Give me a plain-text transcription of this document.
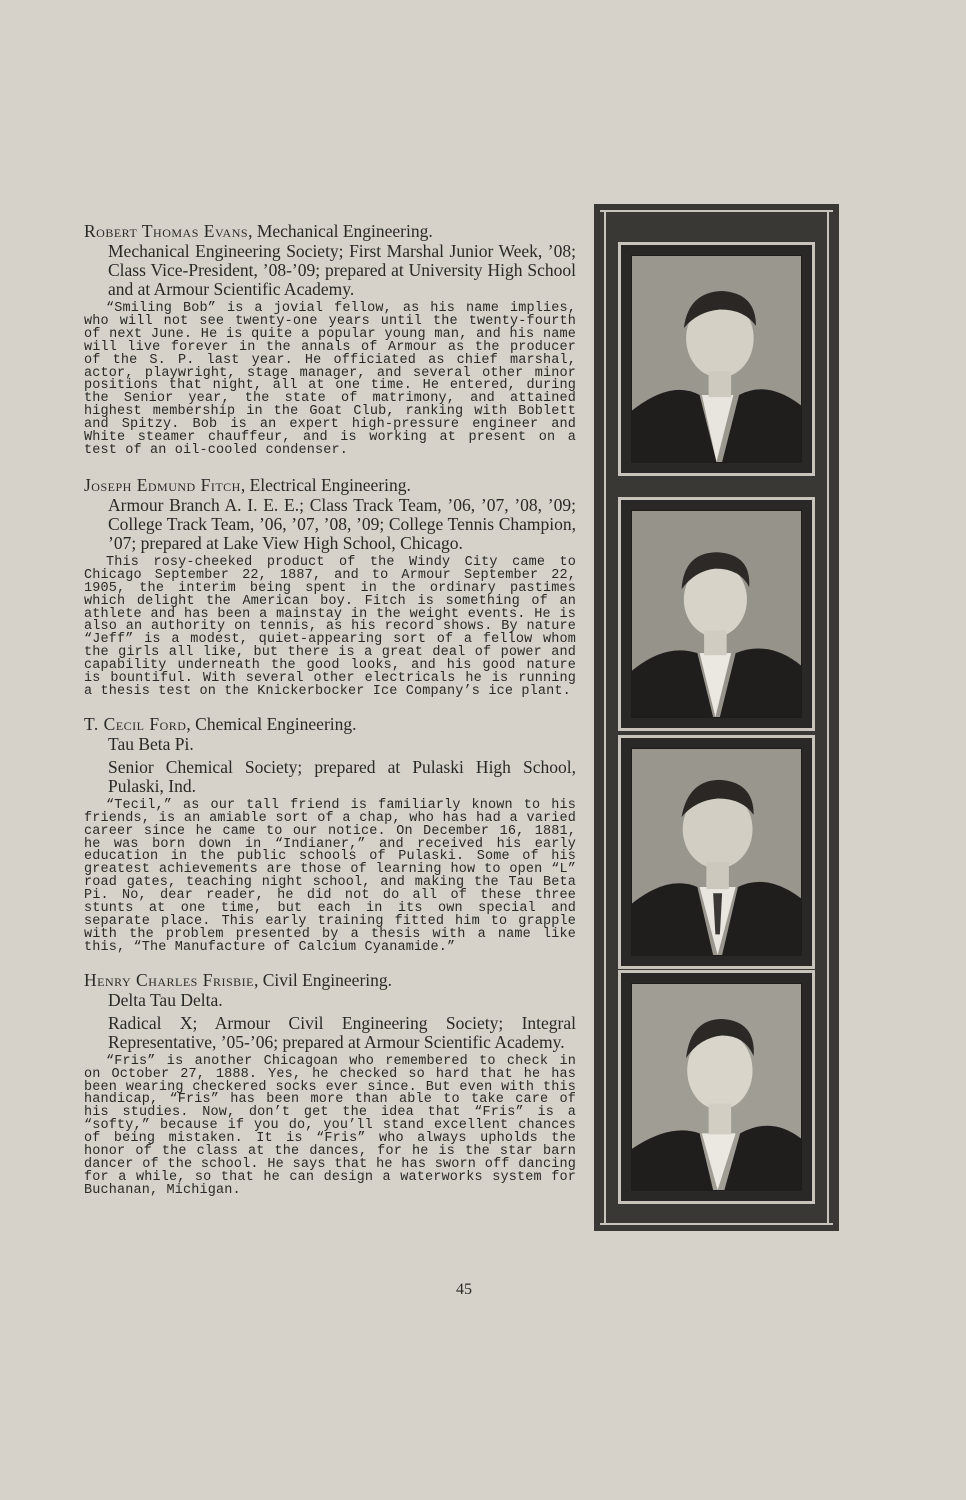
Robert Thomas Evans, Mechanical Engineering.

Mechanical Engineering Society; First Marshal Junior Week, ’08; Class Vice-President, ’08-’09; prepared at University High School and at Armour Scientific Academy.

“Smiling Bob” is a jovial fellow, as his name implies, who will not see twenty-one years until the twenty-fourth of next June. He is quite a popular young man, and his name will live forever in the annals of Armour as the producer of the S. P. last year. He officiated as chief marshal, actor, playwright, stage manager, and several other minor positions that night, all at one time. He entered, during the Senior year, the state of matrimony, and attained highest membership in the Goat Club, ranking with Boblett and Spitzy. Bob is an expert high-pressure engineer and White steamer chauffeur, and is working at present on a test of an oil-cooled condenser.

Joseph Edmund Fitch, Electrical Engineering.

Armour Branch A. I. E. E.; Class Track Team, ’06, ’07, ’08, ’09; College Track Team, ’06, ’07, ’08, ’09; College Tennis Champion, ’07; prepared at Lake View High School, Chicago.

This rosy-cheeked product of the Windy City came to Chicago September 22, 1887, and to Armour September 22, 1905, the interim being spent in the ordinary pastimes which delight the American boy. Fitch is something of an athlete and has been a mainstay in the weight events. He is also an authority on tennis, as his record shows. By nature “Jeff” is a modest, quiet-appearing sort of a fellow whom the girls all like, but there is a great deal of power and capability underneath the good looks, and his good nature is bountiful. With several other electricals he is running a thesis test on the Knickerbocker Ice Company’s ice plant.

T. Cecil Ford, Chemical Engineering.

Tau Beta Pi.

Senior Chemical Society; prepared at Pulaski High School, Pulaski, Ind.

“Tecil,” as our tall friend is familiarly known to his friends, is an amiable sort of a chap, who has had a varied career since he came to our notice. On December 16, 1881, he was born down in “Indianer,” and received his early education in the public schools of Pulaski. Some of his greatest achievements are those of learning how to open “L” road gates, teaching night school, and making the Tau Beta Pi. No, dear reader, he did not do all of these three stunts at one time, but each in its own special and separate place. This early training fitted him to grapple with the problem presented by a thesis with a name like this, “The Manufacture of Calcium Cyanamide.”

Henry Charles Frisbie, Civil Engineering.

Delta Tau Delta.

Radical X; Armour Civil Engineering Society; Integral Representative, ’05-’06; prepared at Armour Scientific Academy.

“Fris” is another Chicagoan who remembered to check in on October 27, 1888. Yes, he checked so hard that he has been wearing checkered socks ever since. But even with this handicap, “Fris” has been more than able to take care of his studies. Now, don’t get the idea that “Fris” is a “softy,” because if you do, you’ll stand excellent chances of being mistaken. It is “Fris” who always upholds the honor of the class at the dances, for he is the star barn dancer of the school. He says that he has sworn off dancing for a while, so that he can design a waterworks system for Buchanan, Michigan.

45
